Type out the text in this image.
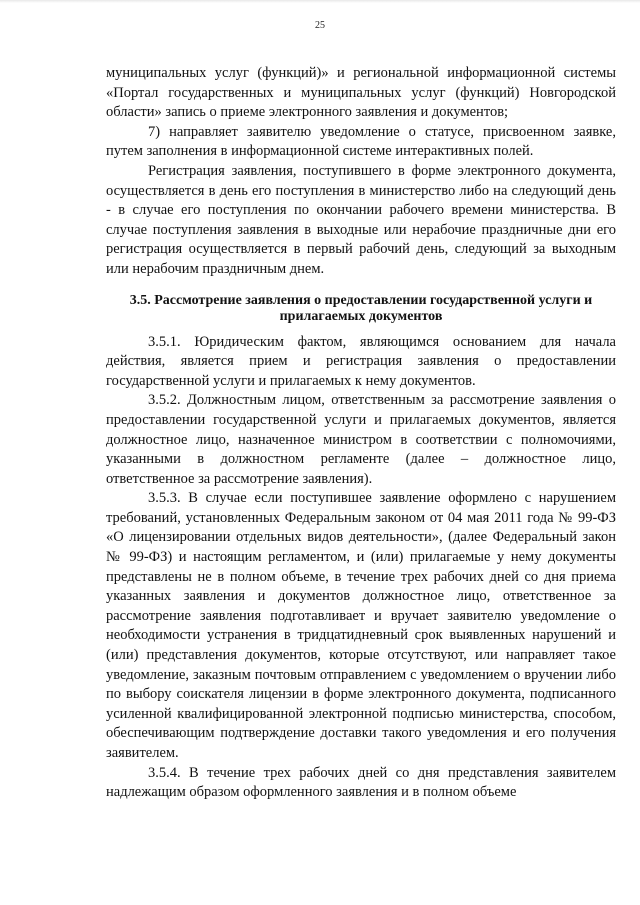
25

муниципальных услуг (функций)» и региональной информационной системы «Портал государственных и муниципальных услуг (функций) Новгородской области» запись о приеме электронного заявления и документов;

7) направляет заявителю уведомление о статусе, присвоенном заявке, путем заполнения в информационной системе интерактивных полей.

Регистрация заявления, поступившего в форме электронного документа, осуществляется в день его поступления в министерство либо на следующий день - в случае его поступления по окончании рабочего времени министерства. В случае поступления заявления в выходные или нерабочие праздничные дни его регистрация осуществляется в первый рабочий день, следующий за выходным или нерабочим праздничным днем.

3.5. Рассмотрение заявления о предоставлении государственной услуги и прилагаемых документов

3.5.1. Юридическим фактом, являющимся основанием для начала действия, является прием и регистрация заявления о предоставлении государственной услуги и прилагаемых к нему документов.

3.5.2. Должностным лицом, ответственным за рассмотрение заявления о предоставлении государственной услуги и прилагаемых документов, является должностное лицо, назначенное министром в соответствии с полномочиями, указанными в должностном регламенте (далее – должностное лицо, ответственное за рассмотрение заявления).

3.5.3. В случае если поступившее заявление оформлено с нарушением требований, установленных Федеральным законом от 04 мая 2011 года № 99-ФЗ «О лицензировании отдельных видов деятельности», (далее Федеральный закон № 99-ФЗ) и настоящим регламентом, и (или) прилагаемые у нему документы представлены не в полном объеме, в течение трех рабочих дней со дня приема указанных заявления и документов должностное лицо, ответственное за рассмотрение заявления подготавливает и вручает заявителю уведомление о необходимости устранения в тридцатидневный срок выявленных нарушений и (или) представления документов, которые отсутствуют, или направляет такое уведомление, заказным почтовым отправлением с уведомлением о вручении либо по выбору соискателя лицензии в форме электронного документа, подписанного усиленной квалифицированной электронной подписью министерства, способом, обеспечивающим подтверждение доставки такого уведомления и его получения заявителем.

3.5.4. В течение трех рабочих дней со дня представления заявителем надлежащим образом оформленного заявления и в полном объеме
